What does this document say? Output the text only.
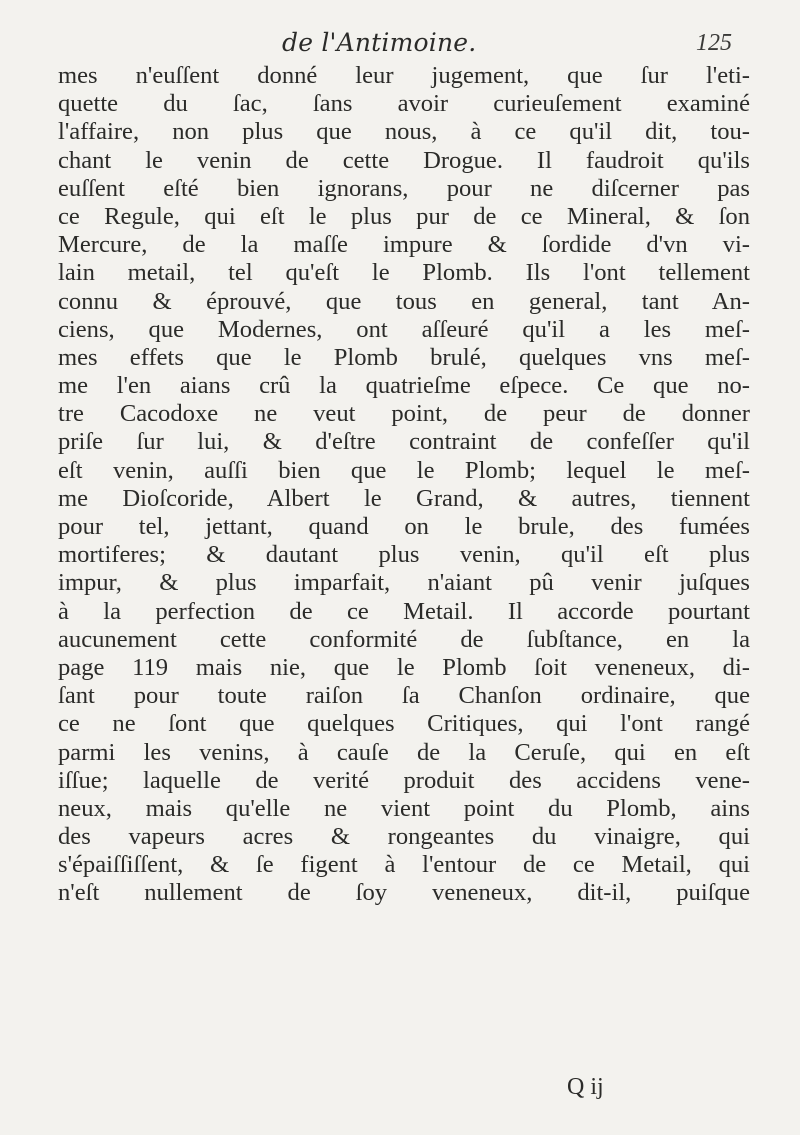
de l'Antimoine.	125
mes n'euſſent donné leur jugement, que ſur l'eti-
quette du ſac, ſans avoir curieuſement examiné
l'affaire, non plus que nous, à ce qu'il dit, tou-
chant le venin de cette Drogue. Il faudroit qu'ils
euſſent eſté bien ignorans, pour ne diſcerner pas
ce Regule, qui eſt le plus pur de ce Mineral, & ſon
Mercure, de la maſſe impure & ſordide d'vn vi-
lain metail, tel qu'eſt le Plomb. Ils l'ont tellement
connu & éprouvé, que tous en general, tant An-
ciens, que Modernes, ont aſſeuré qu'il a les meſ-
mes effets que le Plomb brulé, quelques vns meſ-
me l'en aians crû la quatrieſme eſpece. Ce que no-
tre Cacodoxe ne veut point, de peur de donner
priſe ſur lui, & d'eſtre contraint de confeſſer qu'il
eſt venin, auſſi bien que le Plomb; lequel le meſ-
me Dioſcoride, Albert le Grand, & autres, tiennent
pour tel, jettant, quand on le brule, des fumées
mortiferes; & dautant plus venin, qu'il eſt plus
impur, & plus imparfait, n'aiant pû venir juſques
à la perfection de ce Metail. Il accorde pourtant
aucunement cette conformité de ſubſtance, en la
page 119 mais nie, que le Plomb ſoit veneneux, di-
ſant pour toute raiſon ſa Chanſon ordinaire, que
ce ne ſont que quelques Critiques, qui l'ont rangé
parmi les venins, à cauſe de la Ceruſe, qui en eſt
iſſue; laquelle de verité produit des accidens vene-
neux, mais qu'elle ne vient point du Plomb, ains
des vapeurs acres & rongeantes du vinaigre, qui
s'épaiſſiſſent, & ſe figent à l'entour de ce Metail, qui
n'eſt nullement de ſoy veneneux, dit-il, puiſque
Q ij
